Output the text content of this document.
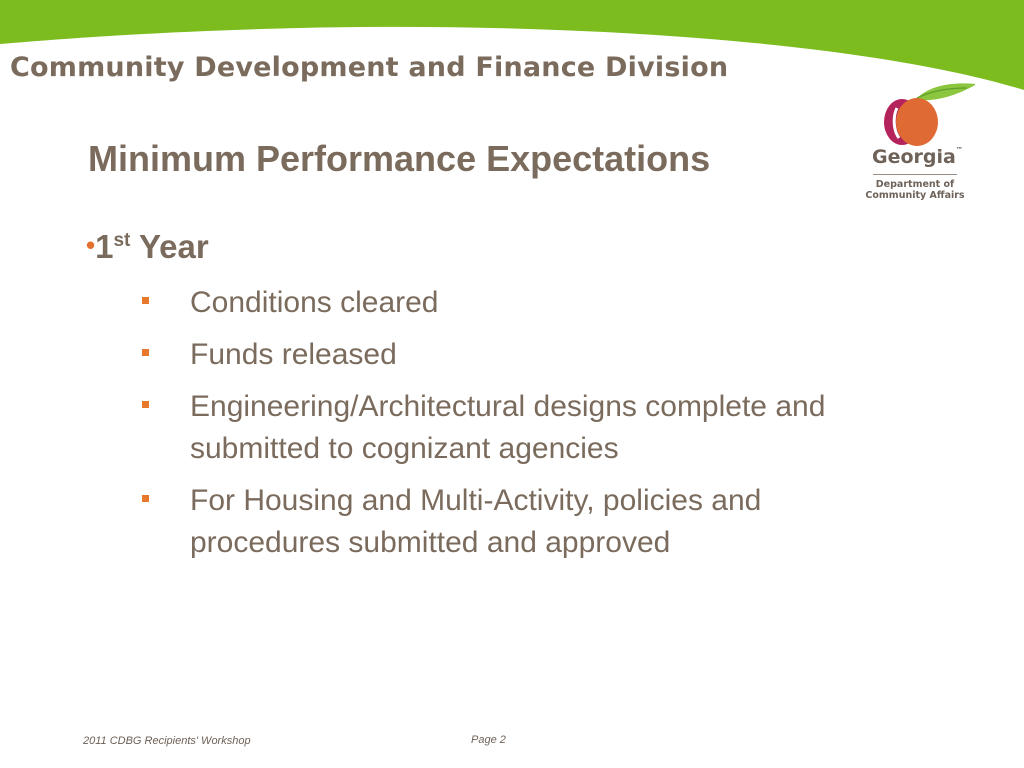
Community Development and Finance Division
Georgia™
Department of
Community Affairs
Minimum Performance Expectations
•1st Year
Conditions cleared
Funds released
Engineering/Architectural designs complete and submitted to cognizant agencies
For Housing and Multi-Activity, policies and procedures submitted and approved
2011 CDBG Recipients' Workshop	Page 2
